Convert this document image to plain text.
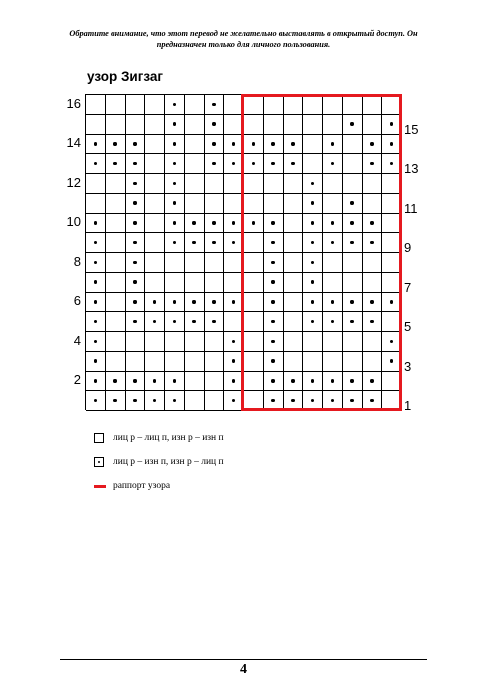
Обратите внимание, что этот перевод не желательно выставлять в открытый доступ. Он предназначен только для личного пользования.
узор Зигзаг
16
15
14
13
12
11
10
9
8
7
6
5
4
3
2
1
лиц р – лиц п, изн р – изн п
лиц р – изн п, изн р – лиц п
раппорт узора
4
